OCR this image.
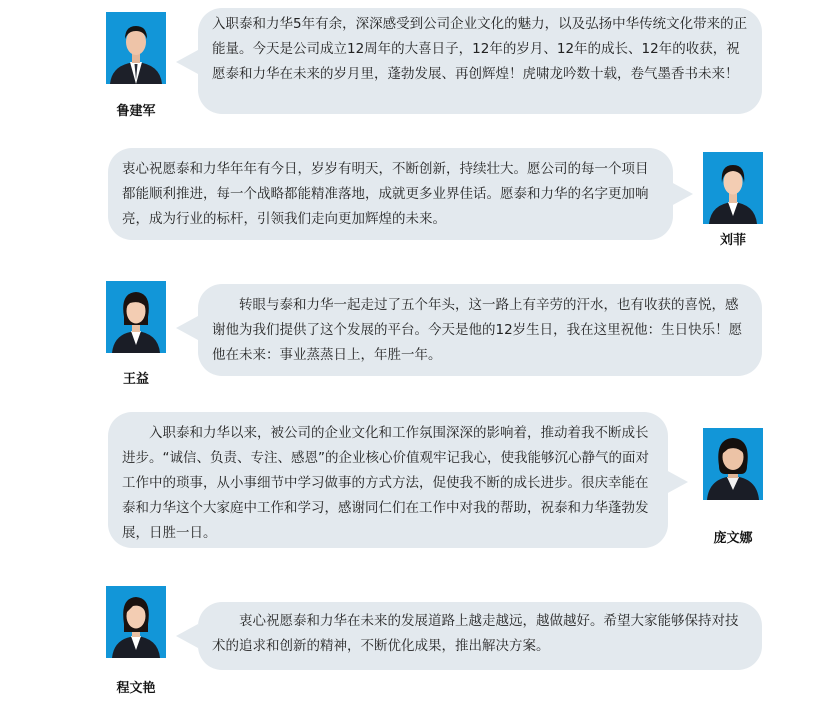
鲁建军
入职泰和力华5年有余，深深感受到公司企业文化的魅力，以及弘扬中华传统文化带来的正能量。今天是公司成立12周年的大喜日子，12年的岁月、12年的成长、12年的收获，祝愿泰和力华在未来的岁月里，蓬勃发展、再创辉煌！虎啸龙吟数十载，卷气墨香书未来！
衷心祝愿泰和力华年年有今日，岁岁有明天，不断创新，持续壮大。愿公司的每一个项目都能顺利推进，每一个战略都能精准落地，成就更多业界佳话。愿泰和力华的名字更加响亮，成为行业的标杆，引领我们走向更加辉煌的未来。
刘菲
王益
转眼与泰和力华一起走过了五个年头，这一路上有辛劳的汗水，也有收获的喜悦，感谢他为我们提供了这个发展的平台。今天是他的12岁生日，我在这里祝他：生日快乐！愿他在未来：事业蒸蒸日上，年胜一年。
入职泰和力华以来，被公司的企业文化和工作氛围深深的影响着，推动着我不断成长进步。“诚信、负责、专注、感恩”的企业核心价值观牢记我心，使我能够沉心静气的面对工作中的琐事，从小事细节中学习做事的方式方法，促使我不断的成长进步。很庆幸能在泰和力华这个大家庭中工作和学习，感谢同仁们在工作中对我的帮助，祝泰和力华蓬勃发展，日胜一日。	庞文娜
程文艳
衷心祝愿泰和力华在未来的发展道路上越走越远，越做越好。希望大家能够保持对技术的追求和创新的精神，不断优化成果，推出解决方案。
